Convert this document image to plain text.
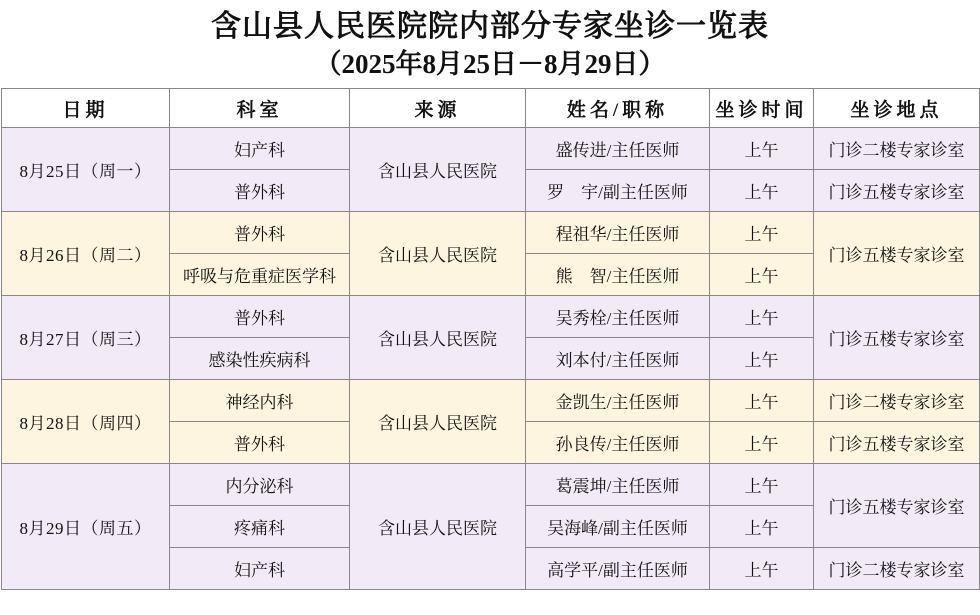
含山县人民医院院内部分专家坐诊一览表
（2025年8月25日－8月29日）
日期	科室	来源	姓名/职称	坐诊时间	坐诊地点
8月25日（周一）	妇产科	含山县人民医院	盛传进/主任医师	上午	门诊二楼专家诊室
	普外科		罗　宇/副主任医师	上午	门诊五楼专家诊室
8月26日（周二）	普外科	含山县人民医院	程祖华/主任医师	上午	门诊五楼专家诊室
	呼吸与危重症医学科		熊　智/主任医师	上午	
8月27日（周三）	普外科	含山县人民医院	吴秀栓/主任医师	上午	门诊五楼专家诊室
	感染性疾病科		刘本付/主任医师	上午	
8月28日（周四）	神经内科	含山县人民医院	金凯生/主任医师	上午	门诊二楼专家诊室
	普外科		孙良传/主任医师	上午	门诊五楼专家诊室
8月29日（周五）	内分泌科	含山县人民医院	葛震坤/主任医师	上午	门诊五楼专家诊室
	疼痛科		吴海峰/副主任医师	上午	
	妇产科		高学平/副主任医师	上午	门诊二楼专家诊室
